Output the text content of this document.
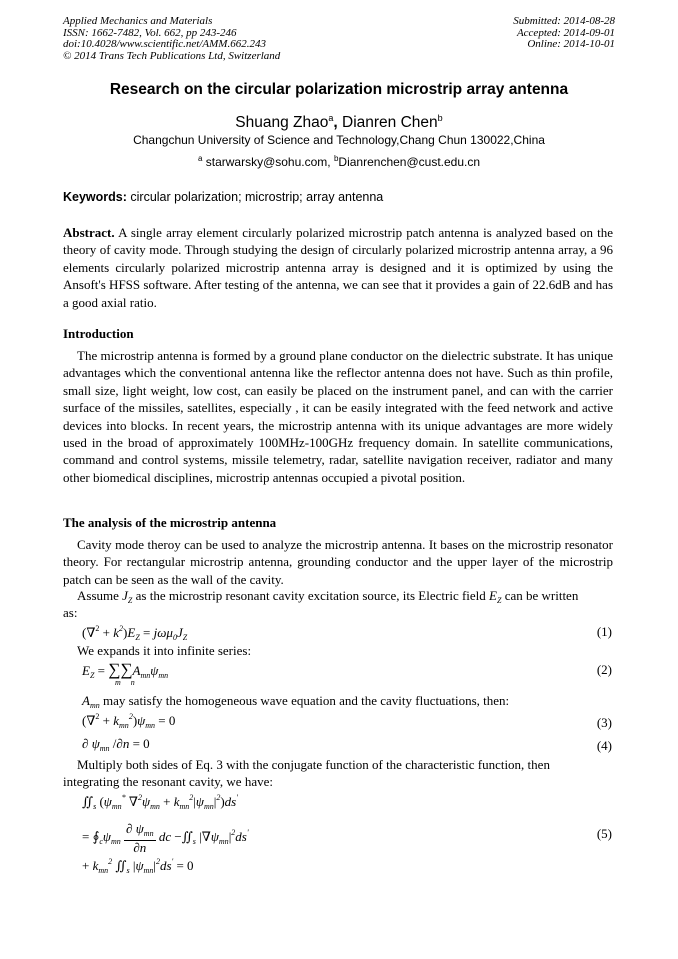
Applied Mechanics and Materials
ISSN: 1662-7482, Vol. 662, pp 243-246
doi:10.4028/www.scientific.net/AMM.662.243
© 2014 Trans Tech Publications Ltd, Switzerland
Submitted: 2014-08-28
Accepted: 2014-09-01
Online: 2014-10-01
Research on the circular polarization microstrip array antenna
Shuang Zhao$^a$, Dianren Chen$^b$
Changchun University of Science and Technology,Chang Chun 130022,China
$^a$ starwarsky@sohu.com, $^b$Dianrenchen@cust.edu.cn
Keywords: circular polarization; microstrip; array antenna

Abstract. A single array element circularly polarized microstrip patch antenna is analyzed based on the theory of cavity mode. Through studying the design of circularly polarized microstrip antenna array, a 96 elements circularly polarized microstrip antenna array is designed and it is optimized by using the Ansoft's HFSS software. After testing of the antenna, we can see that it provides a gain of 22.6dB and has a good axial ratio.

Introduction

The microstrip antenna is formed by a ground plane conductor on the dielectric substrate. It has unique advantages which the conventional antenna like the reflector antenna does not have. Such as thin profile, small size, light weight, low cost, can easily be placed on the instrument panel, and can with the carrier surface of the missiles, satellites, especially , it can be easily integrated with the feed network and active devices into blocks. In recent years, the microstrip antenna with its unique advantages are more widely used in the broad of approximately 100MHz-100GHz frequency domain. In satellite communications, command and control systems, missile telemetry, radar, satellite navigation receiver, radiator and many other biomedical disciplines, microstrip antennas occupied a pivotal position.

The analysis of the microstrip antenna

Cavity mode theroy can be used to analyze the microstrip antenna. It bases on the microstrip resonator theory. For rectangular microstrip antenna, grounding conductor and the upper layer of the microstrip patch can be seen as the wall of the cavity.

Assume $J_Z$ as the microstrip resonant cavity excitation source, its Electric field $E_Z$ can be written
as:
$(\nabla^2 + k^2)E_Z = j\omega\mu_0J_Z$	(1)
We expands it into infinite series:
$E_Z = \sum\sum A_{mn}\psi_{mn}$
m     n
(2)
$A_{mn}$ may satisfy the homogeneous wave equation and the cavity fluctuations, then:
$(\nabla^2 + k_{mn}^2)\psi_{mn} = 0$	(3)
∂ $\psi_{mn}$ /∂n = 0	(4)
Multiply both sides of Eq. 3 with the conjugate function of the characteristic function, then
integrating the resonant cavity, we have:
$∬_s$ ($\psi_{mn}^*$ $\nabla^2\psi_{mn} + k_{mn}^2|\psi_{mn}|^2)ds'$
= $∮_c\psi_{mn}$
∂ $\psi_{mn}$
∂n
dc $-∬_s$ $|\nabla\psi_{mn}|^2ds'$	(5)
+ $k_{mn}^2$ $∬_s$ $|\psi_{mn}|^2ds' = 0$
